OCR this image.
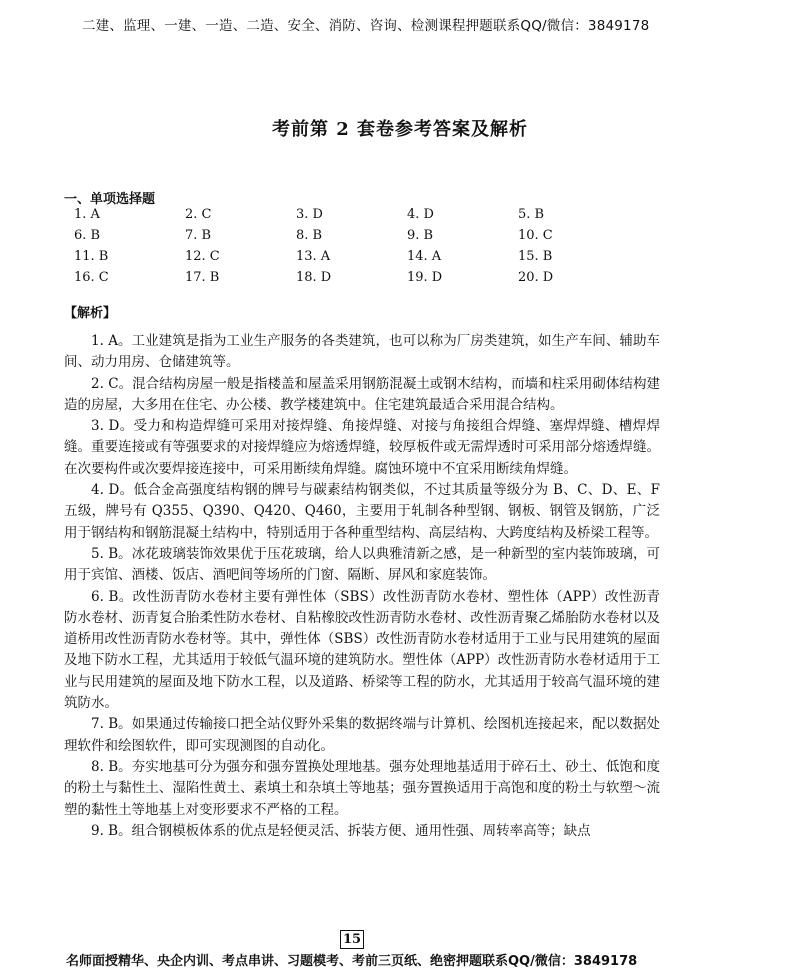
二建、监理、一建、一造、二造、安全、消防、咨询、检测课程押题联系QQ/微信：3849178
考前第 2 套卷参考答案及解析
一、单项选择题
1. A	2. C	3. D	4. D	5. B
6. B	7. B	8. B	9. B	10. C
11. B	12. C	13. A	14. A	15. B
16. C	17. B	18. D	19. D	20. D
【解析】

1. A。工业建筑是指为工业生产服务的各类建筑，也可以称为厂房类建筑，如生产车间、辅助车间、动力用房、仓储建筑等。

2. C。混合结构房屋一般是指楼盖和屋盖采用钢筋混凝土或钢木结构，而墙和柱采用砌体结构建造的房屋，大多用在住宅、办公楼、教学楼建筑中。住宅建筑最适合采用混合结构。

3. D。受力和构造焊缝可采用对接焊缝、角接焊缝、对接与角接组合焊缝、塞焊焊缝、槽焊焊缝。重要连接或有等强要求的对接焊缝应为熔透焊缝，较厚板件或无需焊透时可采用部分熔透焊缝。在次要构件或次要焊接连接中，可采用断续角焊缝。腐蚀环境中不宜采用断续角焊缝。

4. D。低合金高强度结构钢的牌号与碳素结构钢类似，不过其质量等级分为 B、C、D、E、F 五级，牌号有 Q355、Q390、Q420、Q460，主要用于轧制各种型钢、钢板、钢管及钢筋，广泛用于钢结构和钢筋混凝土结构中，特别适用于各种重型结构、高层结构、大跨度结构及桥梁工程等。

5. B。冰花玻璃装饰效果优于压花玻璃，给人以典雅清新之感，是一种新型的室内装饰玻璃，可用于宾馆、酒楼、饭店、酒吧间等场所的门窗、隔断、屏风和家庭装饰。

6. B。改性沥青防水卷材主要有弹性体（SBS）改性沥青防水卷材、塑性体（APP）改性沥青防水卷材、沥青复合胎柔性防水卷材、自粘橡胶改性沥青防水卷材、改性沥青聚乙烯胎防水卷材以及道桥用改性沥青防水卷材等。其中，弹性体（SBS）改性沥青防水卷材适用于工业与民用建筑的屋面及地下防水工程，尤其适用于较低气温环境的建筑防水。塑性体（APP）改性沥青防水卷材适用于工业与民用建筑的屋面及地下防水工程，以及道路、桥梁等工程的防水，尤其适用于较高气温环境的建筑防水。

7. B。如果通过传输接口把全站仪野外采集的数据终端与计算机、绘图机连接起来，配以数据处理软件和绘图软件，即可实现测图的自动化。

8. B。夯实地基可分为强夯和强夯置换处理地基。强夯处理地基适用于碎石土、砂土、低饱和度的粉土与黏性土、湿陷性黄土、素填土和杂填土等地基；强夯置换适用于高饱和度的粉土与软塑～流塑的黏性土等地基上对变形要求不严格的工程。

9. B。组合钢模板体系的优点是轻便灵活、拆装方便、通用性强、周转率高等；缺点

15
名师面授精华、央企内训、考点串讲、习题模考、考前三页纸、绝密押题联系QQ/微信：3849178
